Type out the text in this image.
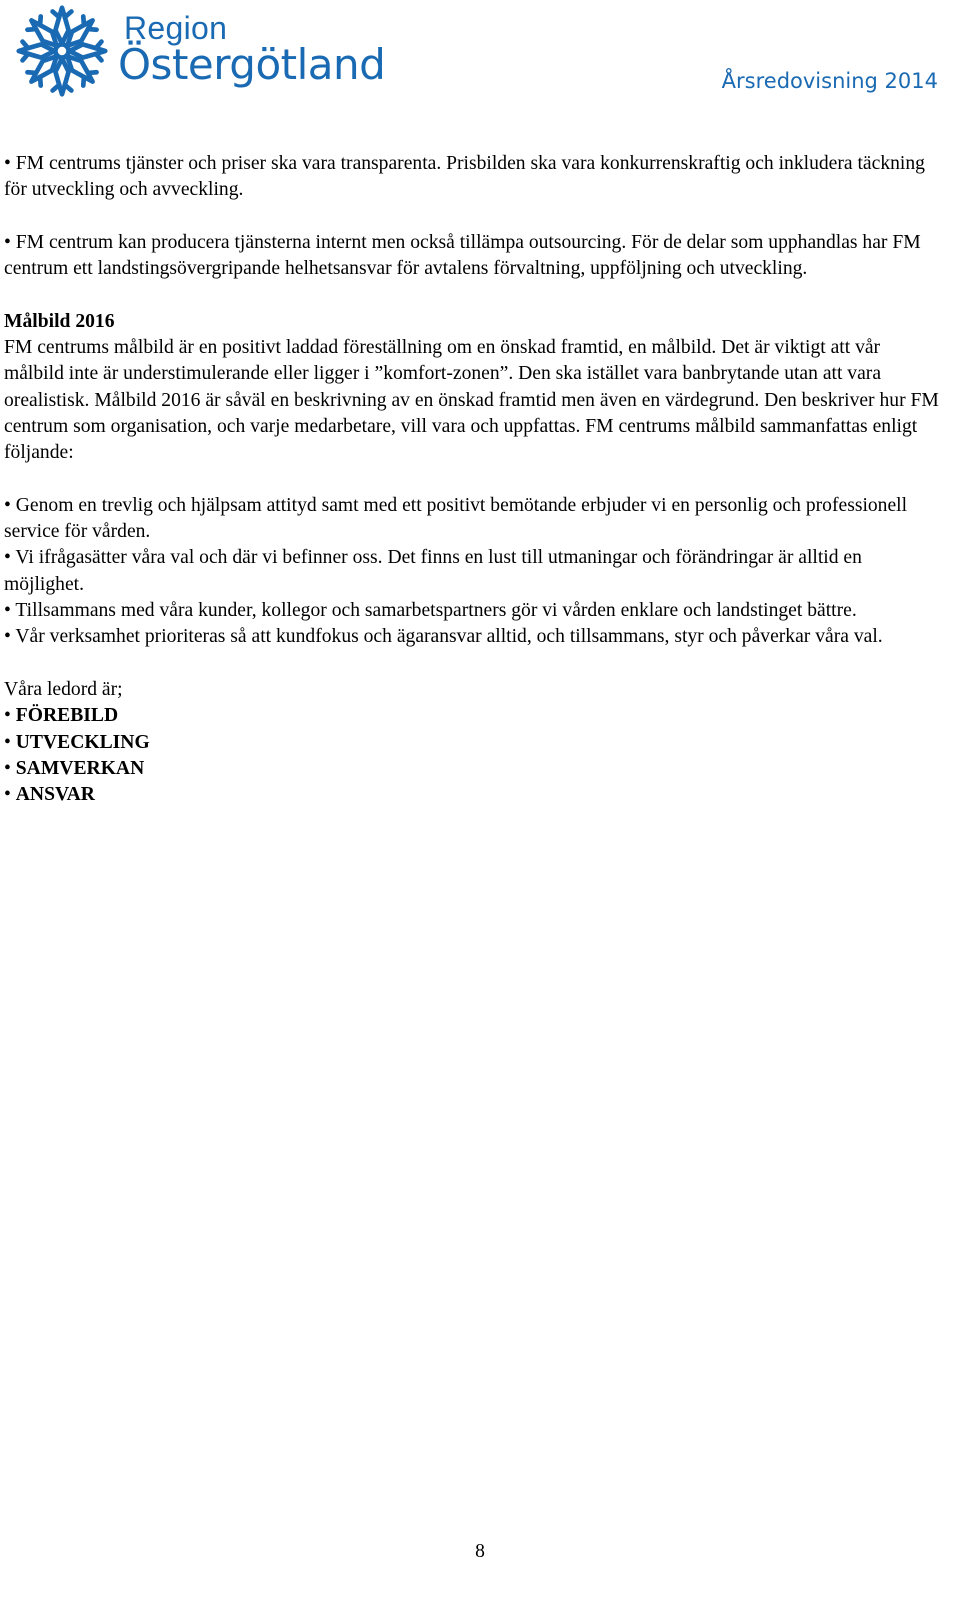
Region
Östergötland	Årsredovisning 2014

• FM centrums tjänster och priser ska vara transparenta. Prisbilden ska vara konkurrenskraftig och inkludera täckning för utveckling och avveckling.

• FM centrum kan producera tjänsterna internt men också tillämpa outsourcing. För de delar som upphandlas har FM centrum ett landstingsövergripande helhetsansvar för avtalens förvaltning, uppföljning och utveckling.

Målbild 2016

FM centrums målbild är en positivt laddad föreställning om en önskad framtid, en målbild. Det är viktigt att vår målbild inte är understimulerande eller ligger i ”komfort-zonen”. Den ska istället vara banbrytande utan att vara orealistisk. Målbild 2016 är såväl en beskrivning av en önskad framtid men även en värdegrund. Den beskriver hur FM centrum som organisation, och varje medarbetare, vill vara och uppfattas. FM centrums målbild sammanfattas enligt följande:

• Genom en trevlig och hjälpsam attityd samt med ett positivt bemötande erbjuder vi en personlig och professionell service för vården.

• Vi ifrågasätter våra val och där vi befinner oss. Det finns en lust till utmaningar och förändringar är alltid en möjlighet.

• Tillsammans med våra kunder, kollegor och samarbetspartners gör vi vården enklare och landstinget bättre.

• Vår verksamhet prioriteras så att kundfokus och ägaransvar alltid, och tillsammans, styr och påverkar våra val.

Våra ledord är;

• FÖREBILD

• UTVECKLING

• SAMVERKAN

• ANSVAR

8
